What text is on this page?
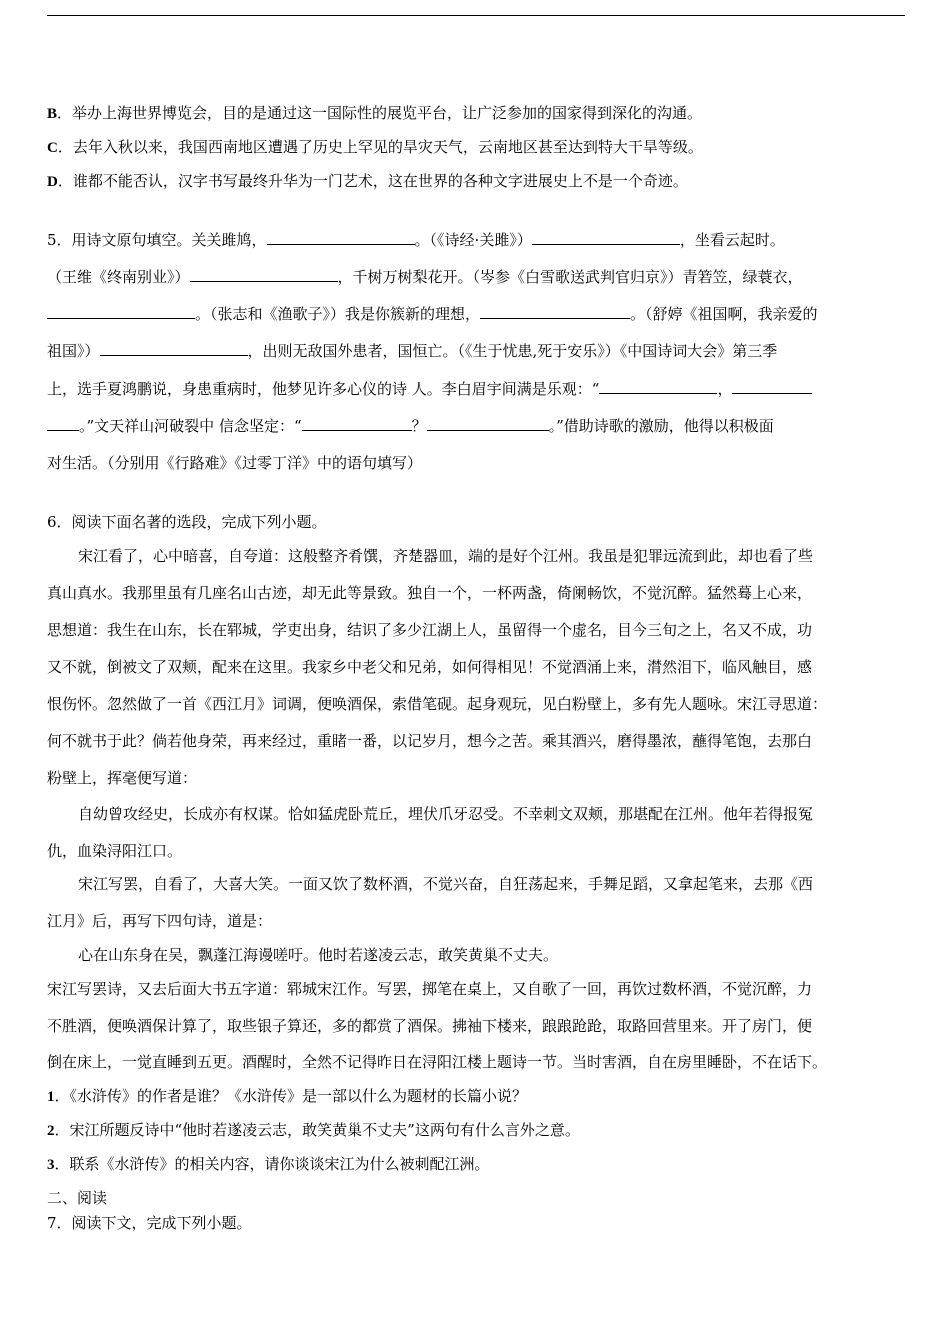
B．举办上海世界博览会，目的是通过这一国际性的展览平台，让广泛参加的国家得到深化的沟通。
C．去年入秋以来，我国西南地区遭遇了历史上罕见的旱灾天气，云南地区甚至达到特大干旱等级。
D．谁都不能否认，汉字书写最终升华为一门艺术，这在世界的各种文字进展史上不是一个奇迹。
5．用诗文原句填空。关关雎鸠，	。（《诗经·关雎》）	，坐看云起时。
（王维《终南别业》）	，千树万树梨花开。（岑参《白雪歌送武判官归京》）青箬笠，绿蓑衣，
。（张志和《渔歌子》）我是你簇新的理想，	。（舒婷《祖国啊，我亲爱的
祖国》）	，出则无敌国外患者，国恒亡。（《生于忧患,死于安乐》）《中国诗词大会》第三季
上，选手夏鸿鹏说，身患重病时，他梦见许多心仪的诗 人。李白眉宇间满是乐观：“	，
。”文天祥山河破裂中 信念坚定：“	？	。”借助诗歌的激励，他得以积极面
对生活。（分别用《行路难》《过零丁洋》中的语句填写）
6．阅读下面名著的选段，完成下列小题。
宋江看了，心中暗喜，自夸道：这般整齐肴馔，齐楚器皿，端的是好个江州。我虽是犯罪远流到此，却也看了些
真山真水。我那里虽有几座名山古迹，却无此等景致。独自一个，一杯两盏，倚阑畅饮，不觉沉醉。猛然蓦上心来，
思想道：我生在山东，长在郓城，学吏出身，结识了多少江湖上人，虽留得一个虚名，目今三旬之上，名又不成，功
又不就，倒被文了双颊，配来在这里。我家乡中老父和兄弟，如何得相见！不觉酒涌上来，潸然泪下，临风触目，感
恨伤怀。忽然做了一首《西江月》词调，便唤酒保，索借笔砚。起身观玩，见白粉壁上，多有先人题咏。宋江寻思道：
何不就书于此？倘若他身荣，再来经过，重睹一番，以记岁月，想今之苦。乘其酒兴，磨得墨浓，蘸得笔饱，去那白
粉壁上，挥毫便写道：
自幼曾攻经史，长成亦有权谋。恰如猛虎卧荒丘，埋伏爪牙忍受。不幸刺文双颊，那堪配在江州。他年若得报冤
仇，血染浔阳江口。
宋江写罢，自看了，大喜大笑。一面又饮了数杯酒，不觉兴奋，自狂荡起来，手舞足蹈，又拿起笔来，去那《西
江月》后，再写下四句诗，道是：
心在山东身在吴，飘蓬江海谩嗟吁。他时若遂凌云志，敢笑黄巢不丈夫。
宋江写罢诗，又去后面大书五字道：郓城宋江作。写罢，掷笔在桌上，又自歌了一回，再饮过数杯酒，不觉沉醉，力
不胜酒，便唤酒保计算了，取些银子算还，多的都赏了酒保。拂袖下楼来，踉踉跄跄，取路回营里来。开了房门，便
倒在床上，一觉直睡到五更。酒醒时，全然不记得昨日在浔阳江楼上题诗一节。当时害酒，自在房里睡卧，不在话下。
1．《水浒传》的作者是谁？《水浒传》是一部以什么为题材的长篇小说？
2．宋江所题反诗中“他时若遂凌云志，敢笑黄巢不丈夫”这两句有什么言外之意。
3．联系《水浒传》的相关内容，请你谈谈宋江为什么被刺配江洲。
二、阅读
7．阅读下文，完成下列小题。
